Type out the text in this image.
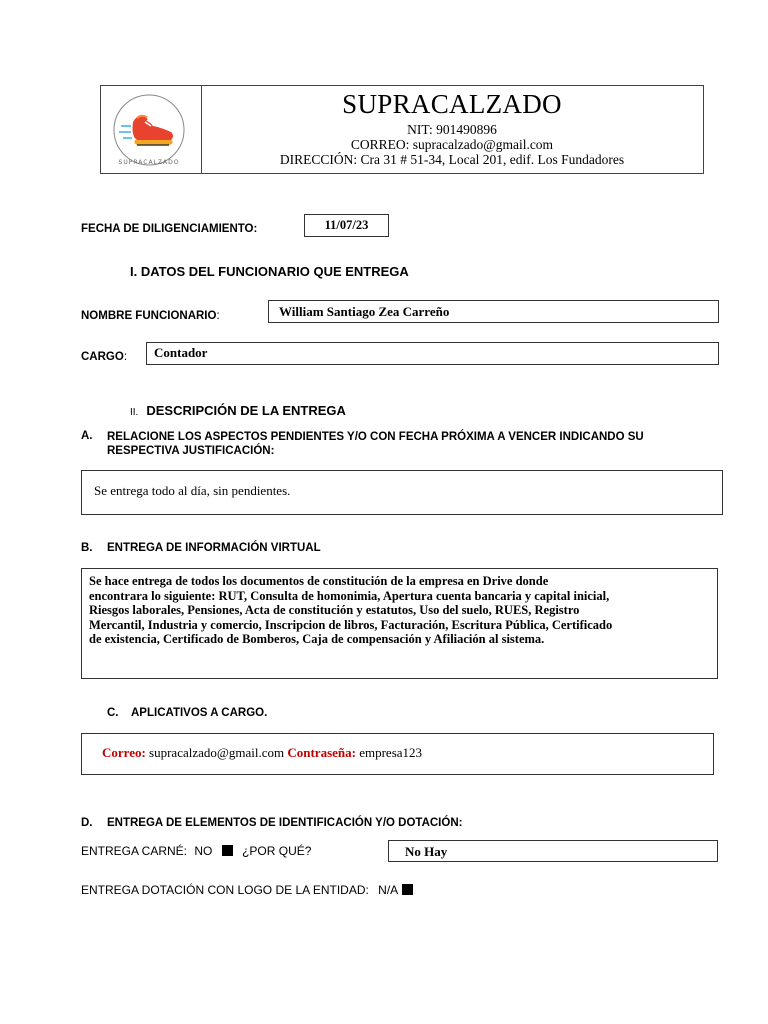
SUPRACALZADO
SUPRACALZADO
NIT: 901490896
CORREO: supracalzado@gmail.com
DIRECCIÓN: Cra 31 # 51-34, Local 201, edif. Los Fundadores
FECHA DE DILIGENCIAMIENTO:	11/07/23
I. DATOS DEL FUNCIONARIO QUE ENTREGA
NOMBRE FUNCIONARIO:	William Santiago Zea Carreño
CARGO: Contador
II. DESCRIPCIÓN DE LA ENTREGA
A. RELACIONE LOS ASPECTOS PENDIENTES Y/O CON FECHA PRÓXIMA A VENCER INDICANDO SU
RESPECTIVA JUSTIFICACIÓN:
Se entrega todo al día, sin pendientes.
B. ENTREGA DE INFORMACIÓN VIRTUAL
Se hace entrega de todos los documentos de constitución de la empresa en Drive donde
encontrara lo siguiente: RUT, Consulta de homonimia, Apertura cuenta bancaria y capital inicial,
Riesgos laborales, Pensiones, Acta de constitución y estatutos, Uso del suelo, RUES, Registro
Mercantil, Industria y comercio, Inscripcion de libros, Facturación, Escritura Pública, Certificado
de existencia, Certificado de Bomberos, Caja de compensación y Afiliación al sistema.
C. APLICATIVOS A CARGO.
Correo: supracalzado@gmail.com Contraseña: empresa123
D. ENTREGA DE ELEMENTOS DE IDENTIFICACIÓN Y/O DOTACIÓN:
ENTREGA CARNÉ: NO ¿POR QUÉ?	No Hay
ENTREGA DOTACIÓN CON LOGO DE LA ENTIDAD: N/A
